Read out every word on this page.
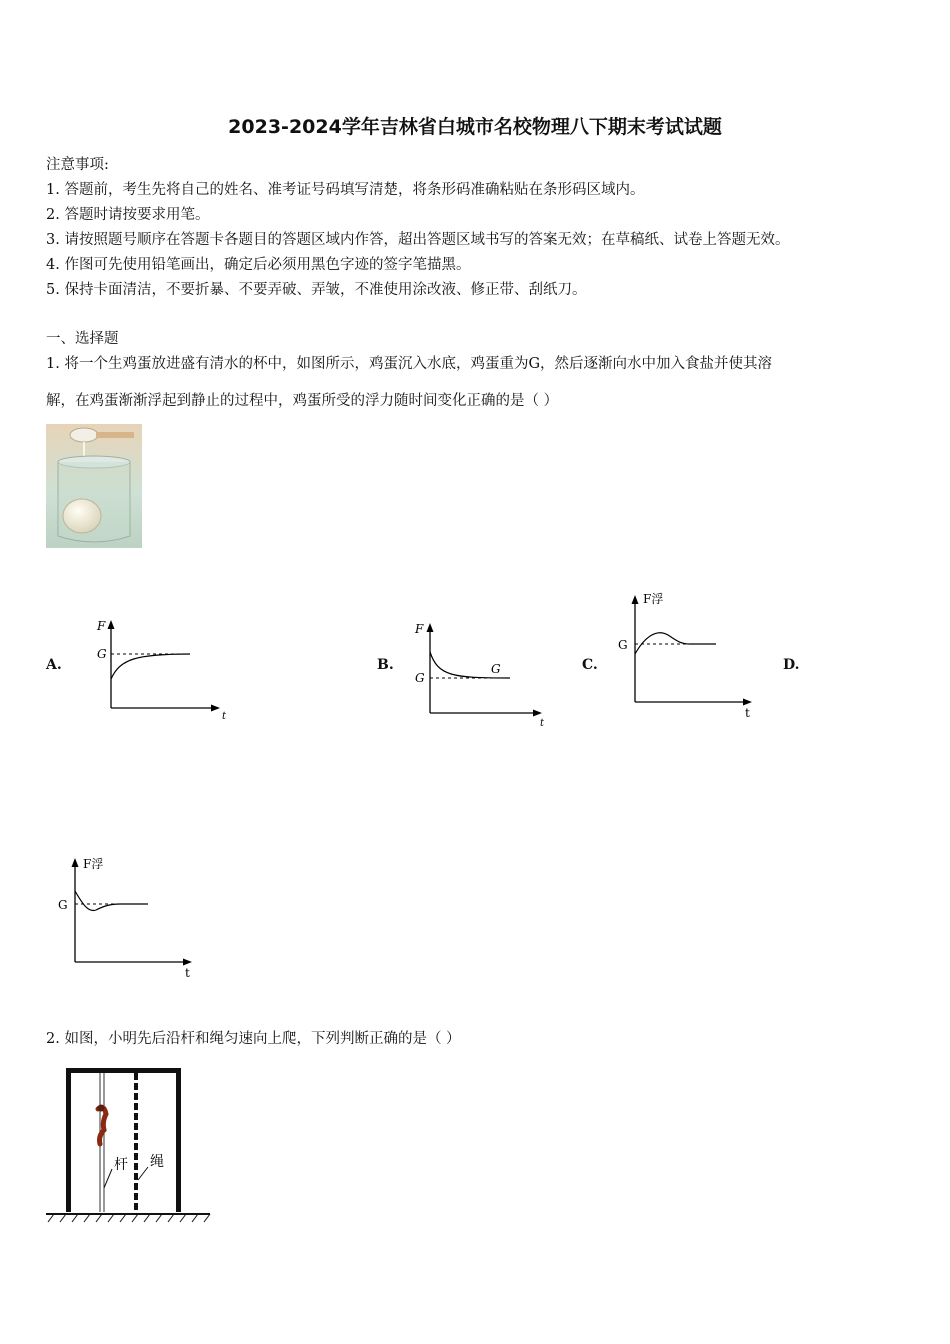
2023-2024学年吉林省白城市名校物理八下期末考试试题
注意事项:
1. 答题前，考生先将自己的姓名、准考证号码填写清楚，将条形码准确粘贴在条形码区域内。
2. 答题时请按要求用笔。
3. 请按照题号顺序在答题卡各题目的答题区域内作答，超出答题区域书写的答案无效；在草稿纸、试卷上答题无效。
4. 作图可先使用铅笔画出，确定后必须用黑色字迹的签字笔描黑。
5. 保持卡面清洁，不要折暴、不要弄破、弄皱，不准使用涂改液、修正带、刮纸刀。
一、选择题
1. 将一个生鸡蛋放进盛有清水的杯中，如图所示，鸡蛋沉入水底，鸡蛋重为G，然后逐渐向水中加入食盐并使其溶
解，在鸡蛋渐渐浮起到静止的过程中，鸡蛋所受的浮力随时间变化正确的是（ ）
F
G
t
F
G
G
t
F浮
G
t
A.	B.	C.	D.
F浮
G
t
2. 如图，小明先后沿杆和绳匀速向上爬，下列判断正确的是（ ）
杆 绳
